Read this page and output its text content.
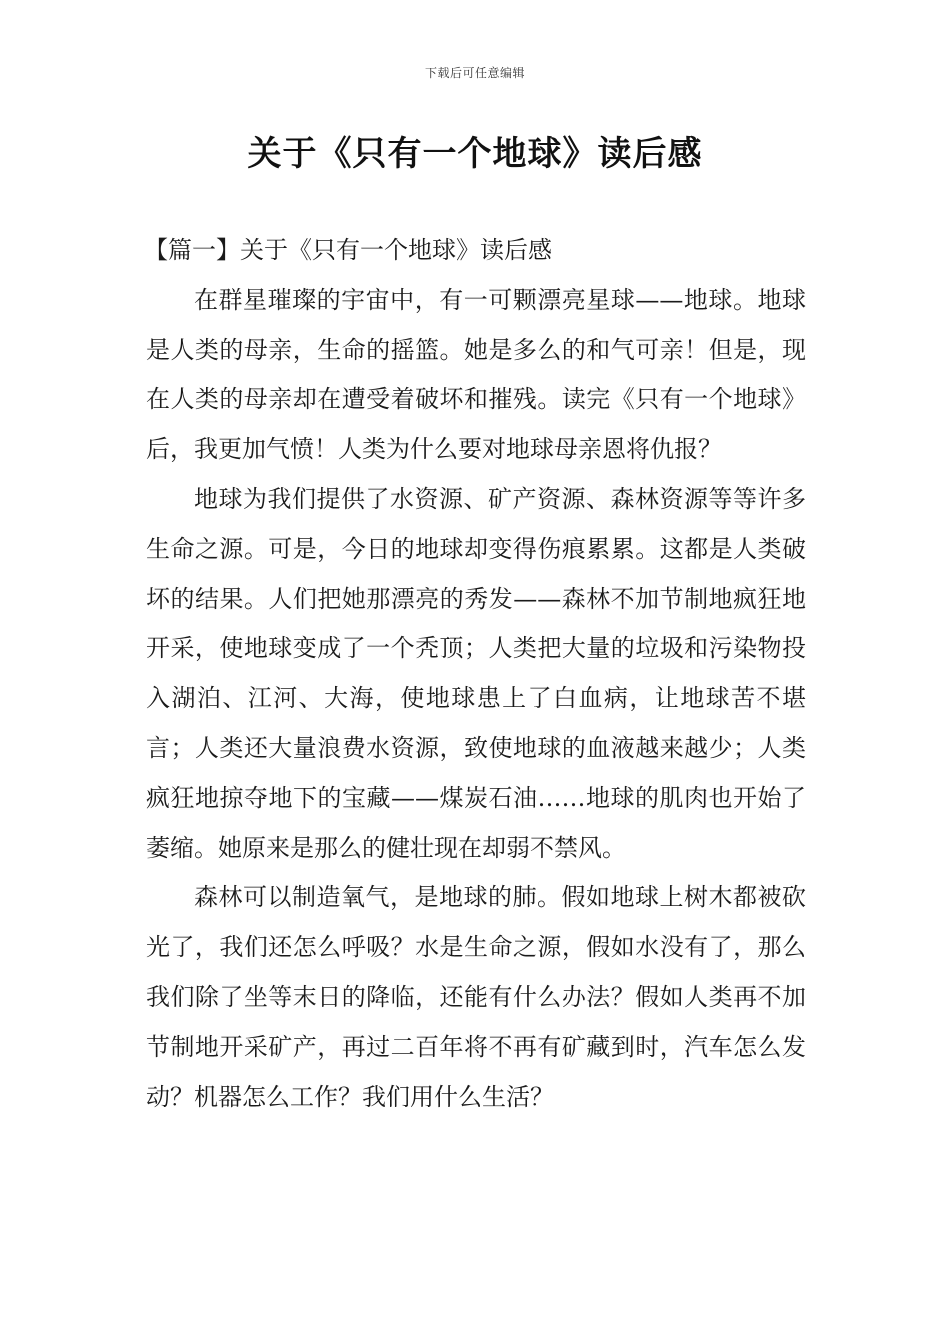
下载后可任意编辑
关于《只有一个地球》读后感

【篇一】关于《只有一个地球》读后感

在群星璀璨的宇宙中，有一可颗漂亮星球——地球。地球是人类的母亲，生命的摇篮。她是多么的和气可亲！但是，现在人类的母亲却在遭受着破坏和摧残。读完《只有一个地球》后，我更加气愤！人类为什么要对地球母亲恩将仇报？

地球为我们提供了水资源、矿产资源、森林资源等等许多生命之源。可是，今日的地球却变得伤痕累累。这都是人类破坏的结果。人们把她那漂亮的秀发——森林不加节制地疯狂地开采，使地球变成了一个秃顶；人类把大量的垃圾和污染物投入湖泊、江河、大海，使地球患上了白血病，让地球苦不堪言；人类还大量浪费水资源，致使地球的血液越来越少；人类疯狂地掠夺地下的宝藏——煤炭石油……地球的肌肉也开始了萎缩。她原来是那么的健壮现在却弱不禁风。

森林可以制造氧气，是地球的肺。假如地球上树木都被砍光了，我们还怎么呼吸？水是生命之源，假如水没有了，那么我们除了坐等末日的降临，还能有什么办法？假如人类再不加节制地开采矿产，再过二百年将不再有矿藏到时，汽车怎么发动？机器怎么工作？我们用什么生活？
